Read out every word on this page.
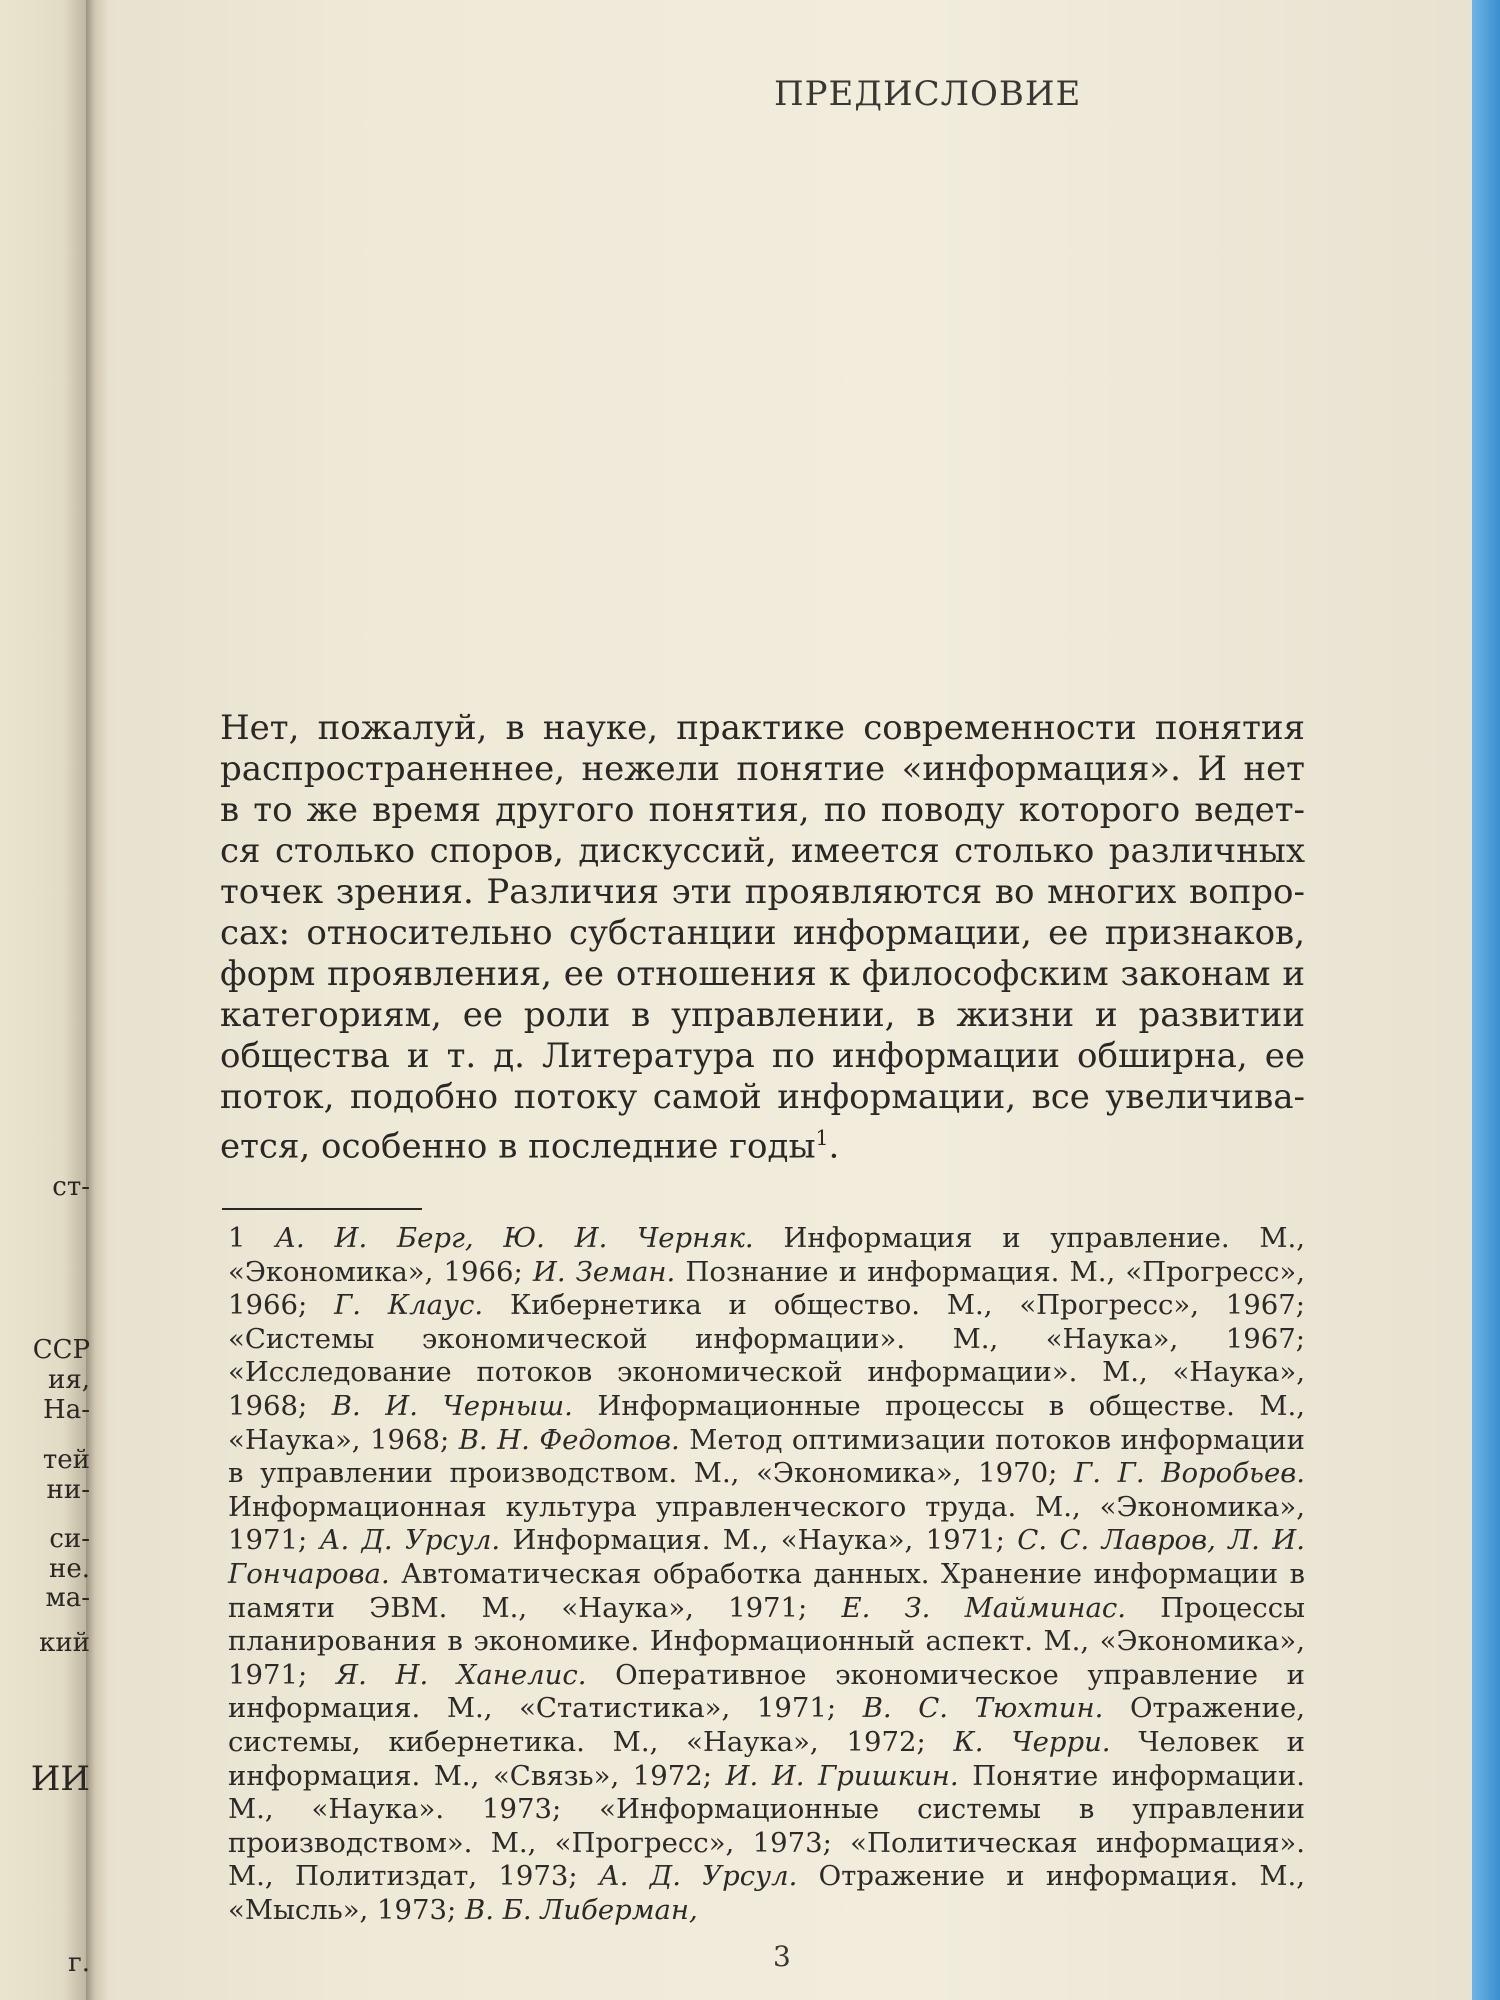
ст-
ССР
ия,
На-
тей
ни-
си-
не.
ма-
кий
ИИ
г.
ПРЕДИСЛОВИЕ
Нет, пожалуй, в науке, практике современности понятия распространеннее, нежели понятие «информация». И нет в то же время другого понятия, по поводу которого ведет- ся столько споров, дискуссий, имеется столько различных точек зрения. Различия эти проявляются во многих вопро- сах: относительно субстанции информации, ее признаков, форм проявления, ее отношения к философским законам и категориям, ее роли в управлении, в жизни и развитии общества и т. д. Литература по информации обширна, ее поток, подобно потоку самой информации, все увеличива- ется, особенно в последние годы$^1$.
1 А. И. Берг, Ю. И. Черняк. Информация и управление. М., «Экономика», 1966; И. Земан. Познание и информация. М., «Прогресс», 1966; Г. Клаус. Кибернетика и общество. М., «Прогресс», 1967; «Системы экономической информации». М., «Наука», 1967; «Исследование потоков экономической информации». М., «Наука», 1968; В. И. Черныш. Информационные процессы в обществе. М., «Наука», 1968; В. Н. Федотов. Метод оптимизации потоков информации в управлении производством. М., «Экономика», 1970; Г. Г. Воробьев. Информационная культура управленческого труда. М., «Экономика», 1971; А. Д. Урсул. Информация. М., «Наука», 1971; С. С. Лавров, Л. И. Гончарова. Автоматическая обработка данных. Хранение информации в памяти ЭВМ. М., «Наука», 1971; Е. З. Майминас. Процессы планирования в экономике. Информационный аспект. М., «Экономика», 1971; Я. Н. Ханелис. Оперативное экономическое управление и информация. М., «Статистика», 1971; В. С. Тюхтин. Отражение, системы, кибернетика. М., «Наука», 1972; К. Черри. Человек и информация. М., «Связь», 1972; И. И. Гришкин. Понятие информации. М., «Наука». 1973; «Информационные системы в управлении производством». М., «Прогресс», 1973; «Политическая информация». М., Политиздат, 1973; А. Д. Урсул. Отражение и информация. М., «Мысль», 1973; В. Б. Либерман,
3
